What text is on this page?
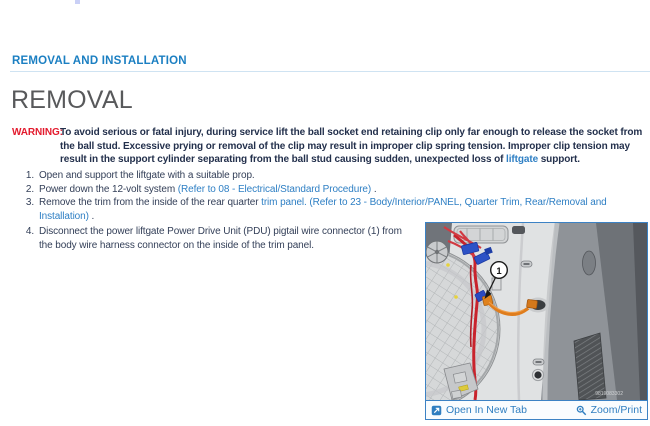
REMOVAL AND INSTALLATION
REMOVAL
WARNING:
To avoid serious or fatal injury, during service lift the ball socket end retaining clip only far enough to release the socket from the ball stud. Excessive prying or removal of the clip may result in improper clip spring tension. Improper clip tension may result in the support cylinder separating from the ball stud causing sudden, unexpected loss of liftgate support.
1. Open and support the liftgate with a suitable prop.
2. Power down the 12-volt system (Refer to 08 - Electrical/Standard Procedure) .
3. Remove the trim from the inside of the rear quarter trim panel. (Refer to 23 - Body/Interior/PANEL, Quarter Trim, Rear/Removal and Installation) .
4. Disconnect the power liftgate Power Drive Unit (PDU) pigtail wire connector (1) from the body wire harness connector on the inside of the trim panel.
1
9819083302
Open In New Tab	Zoom/Print
